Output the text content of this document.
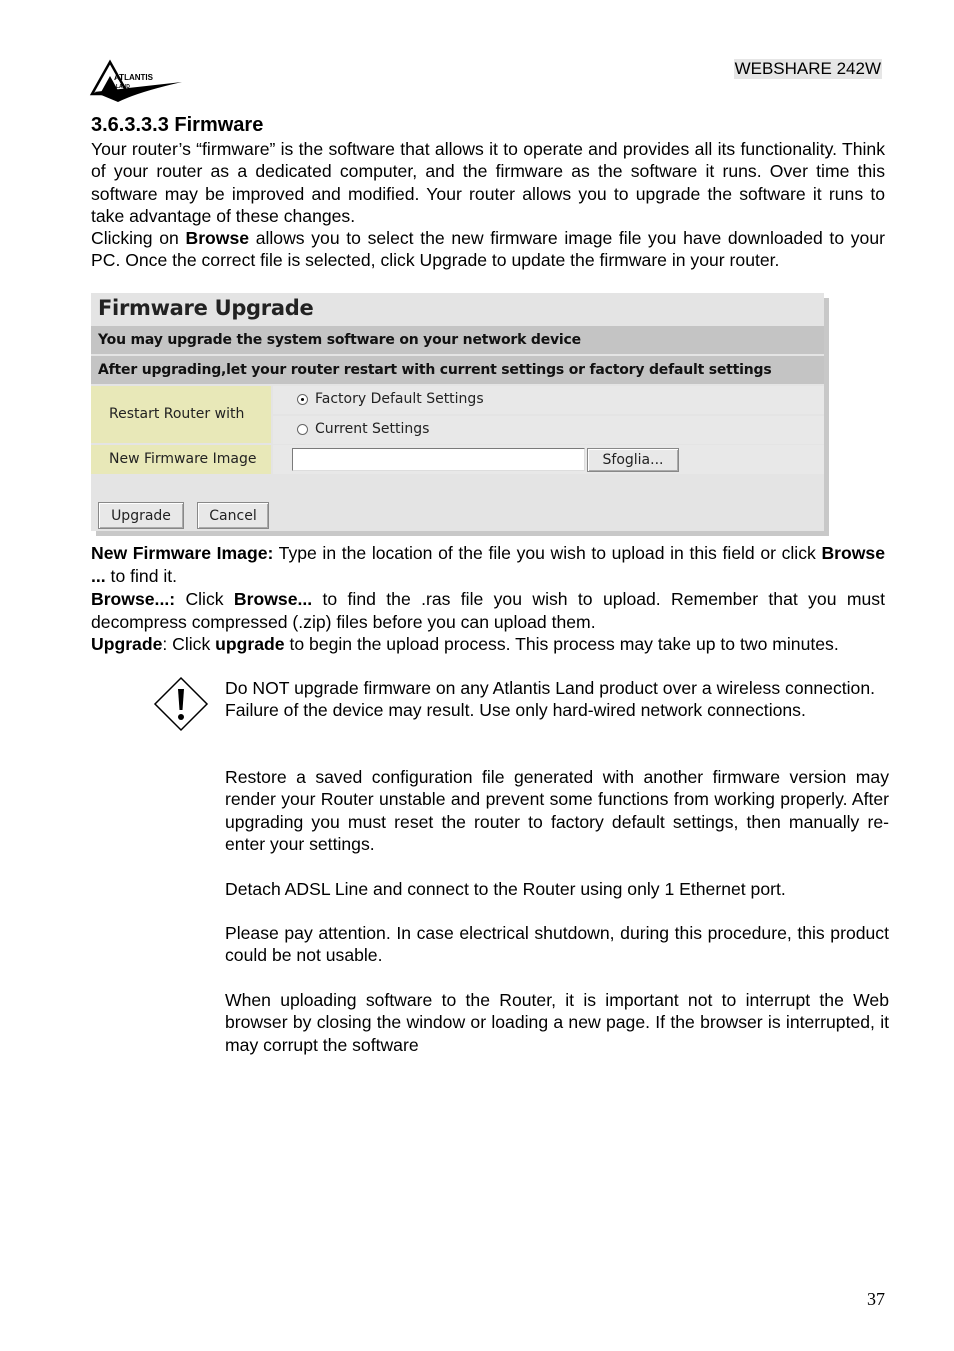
ATLANTIS
LAND
WEBSHARE 242W
3.6.3.3.3 Firmware

Your router’s “firmware” is the software that allows it to operate and provides all its functionality. Think of your router as a dedicated computer, and the firmware as the software it runs. Over time this software may be improved and modified. Your router allows you to upgrade the software it runs to take advantage of these changes.

Clicking on Browse allows you to select the new firmware image file you have downloaded to your PC. Once the correct file is selected, click Upgrade to update the firmware in your router.

Firmware Upgrade
You may upgrade the system software on your network device
After upgrading,let your router restart with current settings or factory default settings
Restart Router with
Factory Default Settings
Current Settings
New Firmware Image	Sfoglia...
Upgrade	Cancel

New Firmware Image: Type in the location of the file you wish to upload in this field or click Browse ... to find it.

Browse...: Click Browse... to find the .ras file you wish to upload. Remember that you must decompress compressed (.zip) files before you can upload them.

Upgrade: Click upgrade to begin the upload process. This process may take up to two minutes.

Do NOT upgrade firmware on any Atlantis Land product over a wireless connection.
Failure of the device may result. Use only hard-wired network connections.

Restore a saved configuration file generated with another firmware version may render your Router unstable and prevent some functions from working properly. After upgrading you must reset the router to factory default settings, then manually re-enter your settings.

Detach ADSL Line and connect to the Router using only 1 Ethernet port.

Please pay attention. In case electrical shutdown, during this procedure, this product could be not usable.

When uploading software to the Router, it is important not to interrupt the Web browser by closing the window or loading a new page. If the browser is interrupted, it may corrupt the software

37
